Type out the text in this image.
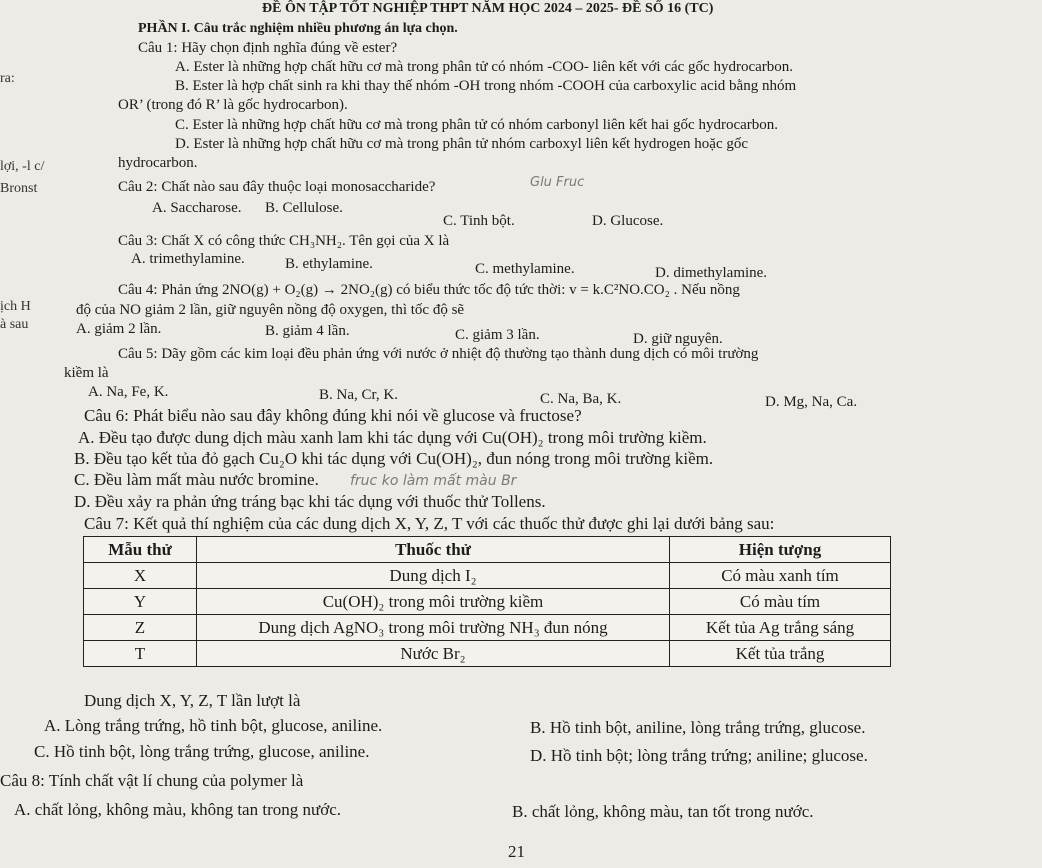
ra:
lợi, -l c/
Bronst
ịch H
à sau
ĐỀ ÔN TẬP TỐT NGHIỆP THPT NĂM HỌC 2024 – 2025- ĐỀ SỐ 16 (TC)
PHẦN I. Câu trắc nghiệm nhiều phương án lựa chọn.
Câu 1: Hãy chọn định nghĩa đúng về ester?
A. Ester là những hợp chất hữu cơ mà trong phân tử có nhóm -COO- liên kết với các gốc hydrocarbon.
B. Ester là hợp chất sinh ra khi thay thế nhóm -OH trong nhóm -COOH của carboxylic acid bằng nhóm
OR’ (trong đó R’ là gốc hydrocarbon).
C. Ester là những hợp chất hữu cơ mà trong phân tử có nhóm carbonyl liên kết hai gốc hydrocarbon.
D. Ester là những hợp chất hữu cơ mà trong phân tử nhóm carboxyl liên kết hydrogen hoặc gốc
hydrocarbon.
Câu 2: Chất nào sau đây thuộc loại monosaccharide?	Glu Fruc
A. Saccharose. B. Cellulose.
C. Tinh bột.	D. Glucose.
Câu 3: Chất X có công thức CH₃NH₂. Tên gọi của X là
A. trimethylamine.	B. ethylamine.	C. methylamine.	D. dimethylamine.
Câu 4: Phản ứng 2NO(g) + O₂(g) → 2NO₂(g) có biểu thức tốc độ tức thời: v = k.C²NO.CO₂ . Nếu nồng
độ của NO giảm 2 lần, giữ nguyên nồng độ oxygen, thì tốc độ sẽ
A. giảm 2 lần.	B. giảm 4 lần.	C. giảm 3 lần.	D. giữ nguyên.
Câu 5: Dãy gồm các kim loại đều phản ứng với nước ở nhiệt độ thường tạo thành dung dịch có môi trường
kiềm là
A. Na, Fe, K.	B. Na, Cr, K.	C. Na, Ba, K.	D. Mg, Na, Ca.
Câu 6: Phát biểu nào sau đây không đúng khi nói về glucose và fructose?
A. Đều tạo được dung dịch màu xanh lam khi tác dụng với Cu(OH)₂ trong môi trường kiềm.
B. Đều tạo kết tủa đỏ gạch Cu₂O khi tác dụng với Cu(OH)₂, đun nóng trong môi trường kiềm.
C. Đều làm mất màu nước bromine. fruc ko làm mất màu Br
D. Đều xảy ra phản ứng tráng bạc khi tác dụng với thuốc thử Tollens.
Câu 7: Kết quả thí nghiệm của các dung dịch X, Y, Z, T với các thuốc thử được ghi lại dưới bảng sau:
Mẫu thử	Thuốc thử	Hiện tượng
X	Dung dịch I₂	Có màu xanh tím
Y	Cu(OH)₂ trong môi trường kiềm	Có màu tím
Z	Dung dịch AgNO₃ trong môi trường NH₃ đun nóng	Kết tủa Ag trắng sáng
T	Nước Br₂	Kết tủa trắng
Dung dịch X, Y, Z, T lần lượt là
A. Lòng trắng trứng, hồ tinh bột, glucose, aniline.	B. Hồ tinh bột, aniline, lòng trắng trứng, glucose.
C. Hồ tinh bột, lòng trắng trứng, glucose, aniline.	D. Hồ tinh bột; lòng trắng trứng; aniline; glucose.
Câu 8: Tính chất vật lí chung của polymer là
A. chất lỏng, không màu, không tan trong nước.	B. chất lỏng, không màu, tan tốt trong nước.
21
